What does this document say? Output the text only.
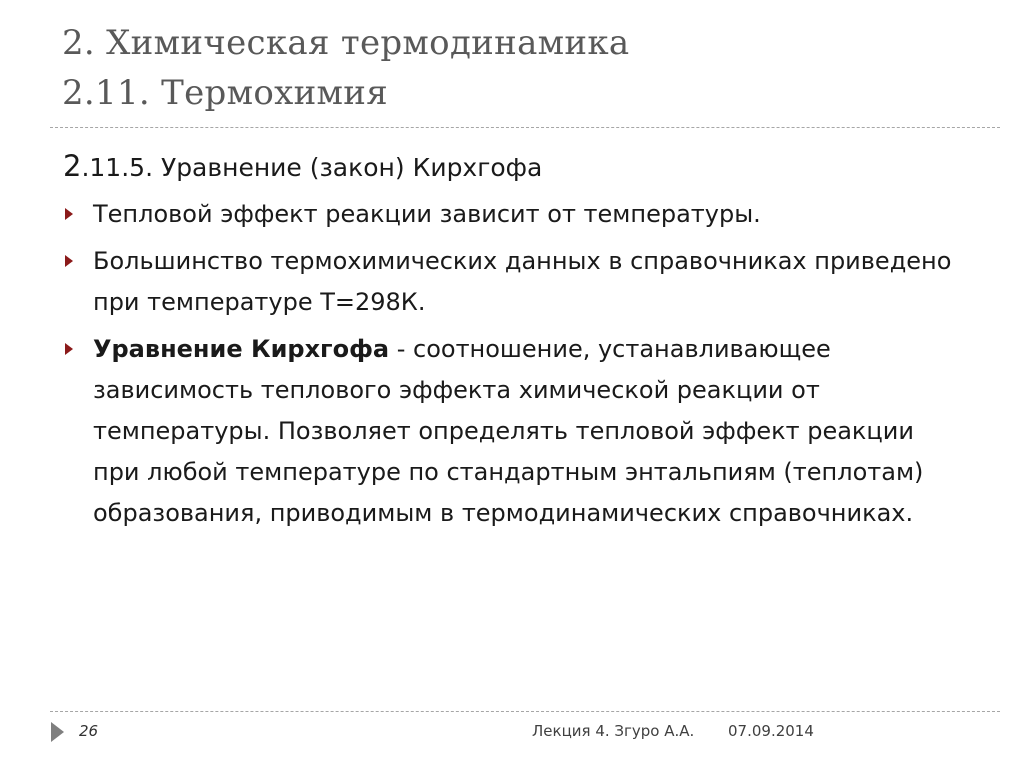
2. Химическая термодинамика
2.11. Термохимия
2.11.5. Уравнение (закон) Кирхгофа
Тепловой эффект реакции зависит от температуры.
Большинство термохимических данных в справочниках приведено при температуре T=298К.
Уравнение Кирхгофа - соотношение, устанавливающее зависимость теплового эффекта химической реакции от температуры. Позволяет определять тепловой эффект реакции при любой температуре по стандартным энтальпиям (теплотам) образования, приводимым в термодинамических справочниках.
26	Лекция 4. Згуро А.А. 07.09.2014
